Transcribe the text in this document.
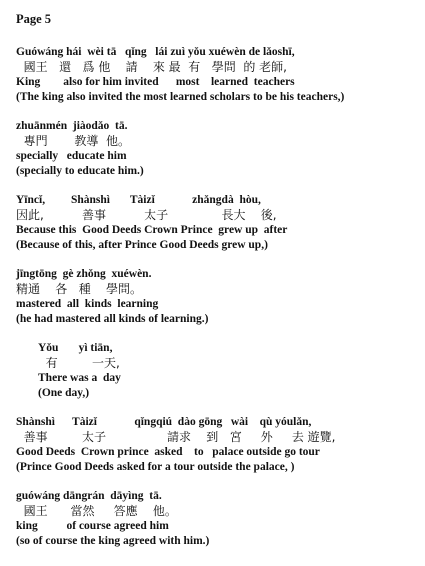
Page 5
Guówáng hái  wèi tā   qǐng   lái zuì yǒu xuéwèn de lǎoshī,
國王   還   爲 他    請    來 最  有   學問  的 老師,
King        also for him invited      most    learned  teachers
(The king also invited the most learned scholars to be his teachers,)
zhuānmén  jiàodǎo  tā.
專門       教導  他。
specially   educate him
(specially to educate him.)
Yīncǐ,         Shànshì       Tàizǐ             zhǎngdà  hòu,
因此,          善事          太子              長大    後,
Because this  Good Deeds Crown Prince  grew up  after
(Because of this, after Prince Good Deeds grew up,)
jīngtōng  gè zhǒng  xuéwèn.
精通    各   種    學問。
mastered  all  kinds  learning
(he had mastered all kinds of learning.)
Yǒu       yì tiān,
有         一天,
There was a  day
(One day,)
Shànshì      Tàizǐ             qǐngqiú  dào gōng   wài    qù yóulǎn,
善事         太子                請求    到   宮     外     去 遊覽,
Good Deeds  Crown prince  asked    to   palace outside go tour
(Prince Good Deeds asked for a tour outside the palace, )
guówáng dāngrán  dāyìng  tā.
國王      當然     答應    他。
king          of course agreed him
(so of course the king agreed with him.)
